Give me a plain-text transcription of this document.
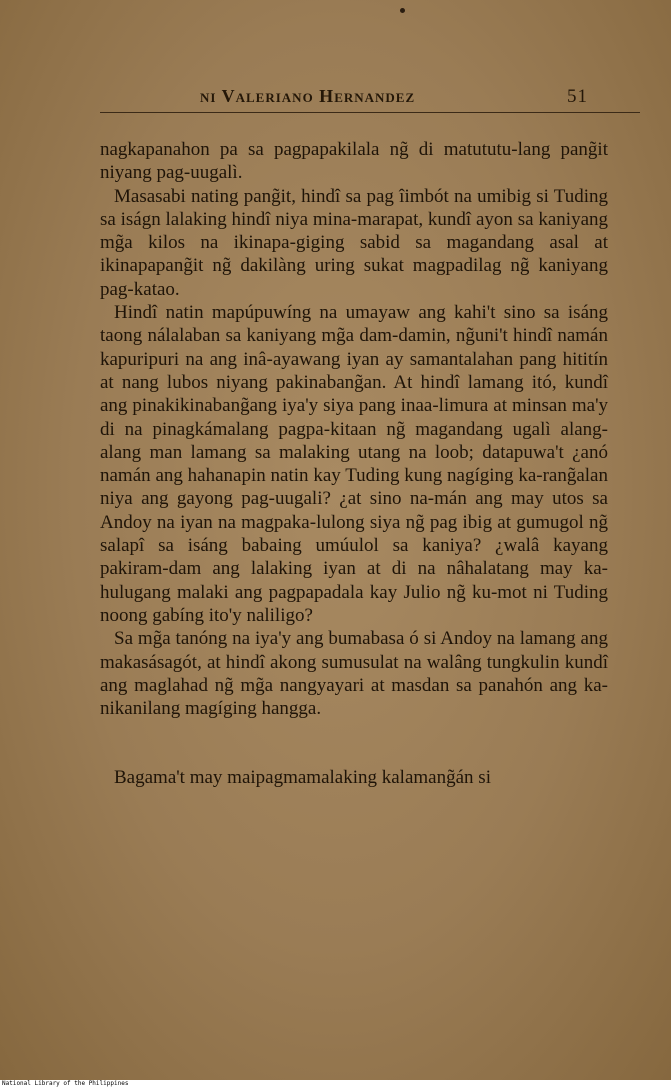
ni Valeriano Hernandez	51

nagkapanahon pa sa pagpapakilala ng̃ di matututu-lang pang̃it niyang pag-uugalì.

Masasabi nating pang̃it, hindî sa pag îimbót na umibig si Tuding sa iságn lalaking hindî niya mina-marapat, kundî ayon sa kaniyang mg̃a kilos na ikinapa-giging sabid sa magandang asal at ikinapapang̃it ng̃ dakilàng uring sukat magpadilag ng̃ kaniyang pag-katao.

Hindî natin mapúpuwíng na umayaw ang kahi't sino sa isáng taong nálalaban sa kaniyang mg̃a dam-damin, ng̃uni't hindî namán kapuripuri na ang inâ-ayawang iyan ay samantalahan pang hititín at nang lubos niyang pakinabang̃an. At hindî lamang itó, kundî ang pinakikinabang̃ang iya'y siya pang inaa-limura at minsan ma'y di na pinagkámalang pagpa-kitaan ng̃ magandang ugalì alang-alang man lamang sa malaking utang na loob; datapuwa't ¿anó namán ang hahanapin natin kay Tuding kung nagíging ka-rang̃alan niya ang gayong pag-uugali? ¿at sino na-mán ang may utos sa Andoy na iyan na magpaka-lulong siya ng̃ pag ibig at gumugol ng̃ salapî sa isáng babaing umúulol sa kaniya? ¿walâ kayang pakiram-dam ang lalaking iyan at di na nâhalatang may ka-hulugang malaki ang pagpapadala kay Julio ng̃ ku-mot ni Tuding noong gabíng ito'y naliligo?

Sa mg̃a tanóng na iya'y ang bumabasa ó si Andoy na lamang ang makasásagót, at hindî akong sumusulat na walâng tungkulin kundî ang maglahad ng̃ mg̃a nangyayari at masdan sa panahón ang ka-nikanilang magíging hangga.

Bagama't may maipagmamalaking kalamang̃án si

National Library of the Philippines
